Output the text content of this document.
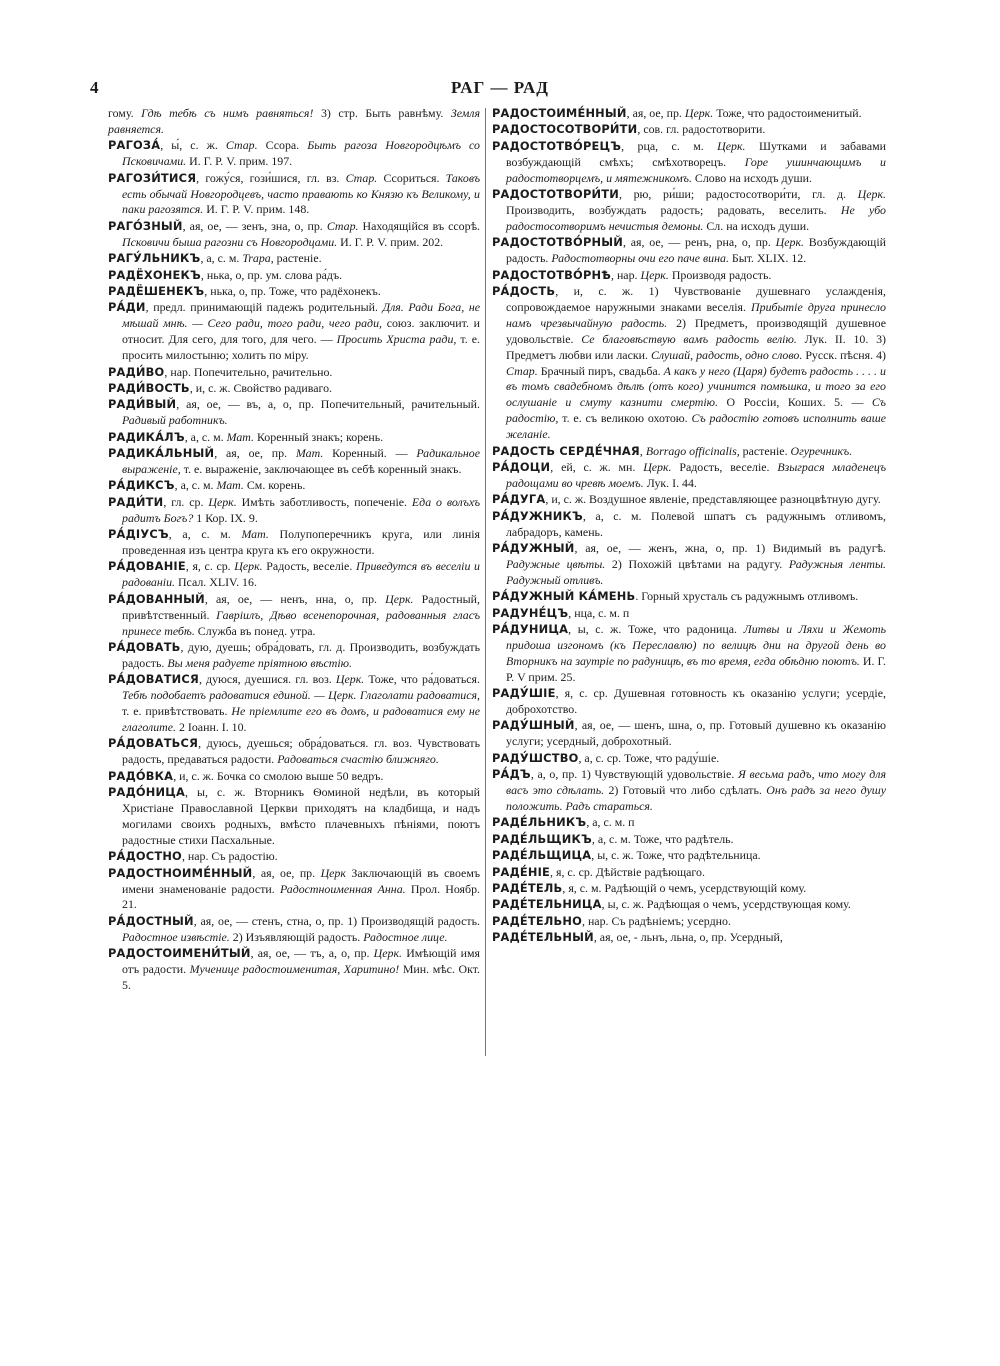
4	РАГ — РАД

гому. Гдѣ тебѣ съ нимъ равняться! 3) стр. Быть равнѣму. Земля равняется.

РАГОЗА́, ы́, с. ж. Стар. Ссора. Быть рагоза Новгородцѣмъ со Псковичами. И. Г. Р. V. прим. 197.

РАГОЗИ́ТИСЯ, гожу́ся, гози́шися, гл. вз. Стар. Ссориться. Таковъ есть обычай Новгородцевъ, часто правають ко Князю къ Великому, и паки рагозятся. И. Г. Р. V. прим. 148.

РАГО́ЗНЫЙ, ая, ое, — зенъ, зна, о, пр. Стар. Находящійся въ ссорѣ. Псковичи быша рагозни съ Новгородцами. И. Г. Р. V. прим. 202.

РАГУ́ЛЬНИКЪ, а, с. м. Trapa, растеніе.

РАДЁХОНЕКЪ, нька, о, пр. ум. слова ра́дъ.

РАДЁШЕНЕКЪ, нька, о, пр. Тоже, что радёхонекъ.

РА́ДИ, предл. принимающій падежъ родительный. Для. Ради Бога, не мѣшай мнѣ. — Сего ради, того ради, чего ради, союз. заключит. и относит. Для сего, для того, для чего. — Просить Христа ради, т. е. просить милостыню; холить по міру.

РАДИ́ВО, нар. Попечительно, рачительно.

РАДИ́ВОСТЬ, и, с. ж. Свойство радиваго.

РАДИ́ВЫЙ, ая, ое, — въ, а, о, пр. Попечительный, рачительный. Радивый работникъ.

РАДИКА́ЛЪ, а, с. м. Мат. Коренный знакъ; корень.

РАДИКА́ЛЬНЫЙ, ая, ое, пр. Мат. Коренный. — Радикальное выраженіе, т. е. выраженіе, заключающее въ себѣ коренный знакъ.

РА́ДИКСЪ, а, с. м. Мат. См. корень.

РАДИ́ТИ, гл. ср. Церк. Имѣть заботливость, попеченіе. Еда о волъхъ радитъ Богъ? 1 Кор. IX. 9.

РА́ДІУСЪ, а, с. м. Мат. Полупоперечникъ круга, или линія проведенная изъ центра круга къ его окружности.

РА́ДОВАНІЕ, я, с. ср. Церк. Радость, веселіе. Приведутся въ веселіи и радованіи. Псал. XLIV. 16.

РА́ДОВАННЫЙ, ая, ое, — ненъ, нна, о, пр. Церк. Радостный, привѣтственный. Гавріилъ, Дѣво всенепорочная, радованныя гласъ принесе тебѣ. Служба въ понед. утра.

РА́ДОВАТЬ, дую, дуешь; обра́довать, гл. д. Производить, возбуждать радость. Вы меня радуете пріятною вѣстію.

РА́ДОВАТИСЯ, дуюся, дуешися. гл. воз. Церк. Тоже, что ра́доваться. Тебѣ подобаетъ радоватися единой. — Церк. Глаголати радоватися, т. е. привѣтствовать. Не пріемлите его въ домъ, и радоватися ему не глаголите. 2 Іоанн. І. 10.

РА́ДОВАТЬСЯ, дуюсь, дуешься; обра́доваться. гл. воз. Чувствовать радость, предаваться радости. Радоваться счастію ближняго.

РАДО́ВКА, и, с. ж. Бочка со смолою выше 50 ведръ.

РАДО́НИЦА, ы, с. ж. Вторникъ Ѳоминой недѣли, въ который Христіане Православной Церкви приходятъ на кладбища, и надъ могилами своихъ родныхъ, вмѣсто плачевныхъ пѣніями, поютъ радостные стихи Пасхальные.

РА́ДОСТНО, нар. Съ радостію.

РАДОСТНОИМЕ́ННЫЙ, ая, ое, пр. Церк Заключающій въ своемъ имени знаменованіе радости. Радостноименная Анна. Прол. Ноябр. 21.

РА́ДОСТНЫЙ, ая, ое, — стенъ, стна, о, пр. 1) Производящій радость. Радостное извѣстіе. 2) Изъявляющій радость. Радостное лице.

РАДОСТОИМЕНИ́ТЫЙ, ая, ое, — тъ, а, о, пр. Церк. Имѣющій имя отъ радости. Мученице радостоименитая, Харитино! Мин. мѣс. Окт. 5.

РАДОСТОИМЕ́ННЫЙ, ая, ое, пр. Церк. Тоже, что радостоименитый.

РАДОСТОСОТВОРИ́ТИ, сов. гл. радостотворити.

РАДОСТОТВО́РЕЦЪ, рца, с. м. Церк. Шутками и забавами возбуждающій смѣхъ; смѣхотворецъ. Горе ушинчающимъ и радостотворцемъ, и мятежникомъ. Слово на исходъ души.

РАДОСТОТВОРИ́ТИ, рю, ри́ши; радостосотвори́ти, гл. д. Церк. Производить, возбуждать радость; радовать, веселить. Не убо радостосотворимъ нечистыя демоны. Сл. на исходъ души.

РАДОСТОТВО́РНЫЙ, ая, ое, — ренъ, рна, о, пр. Церк. Возбуждающій радость. Радостотворны очи его паче вина. Быт. XLIX. 12.

РАДОСТОТВО́РНѢ, нар. Церк. Производя радость.

РА́ДОСТЬ, и, с. ж. 1) Чувствованіе душевнаго услажденія, сопровождаемое наружными знаками веселія. Прибытіе друга принесло намъ чрезвычайную радость. 2) Предметъ, производящій душевное удовольствіе. Се благовѣствую вамъ радость велію. Лук. II. 10. 3) Предметъ любви или ласки. Слушай, радость, одно слово. Русск. пѣсня. 4) Стар. Брачный пиръ, свадьба. А какъ у него (Царя) будетъ радость . . . . и въ томъ свадебномъ дѣлѣ (отъ кого) учинится помѣшка, и того за его ослушаніе и смуту казнити смертію. О Россіи, Коших. 5. — Съ радостію, т. е. съ великою охотою. Съ радостію готовъ исполнить ваше желаніе.

РАДОСТЬ СЕРДЕ́ЧНАЯ, Borrago officinalis, растеніе. Огуречникъ.

РА́ДОЦИ, ей, с. ж. мн. Церк. Радость, веселіе. Взыграся младенецъ радощами во чревѣ моемъ. Лук. І. 44.

РА́ДУГА, и, с. ж. Воздушное явленіе, представляющее разноцвѣтную дугу.

РА́ДУЖНИКЪ, а, с. м. Полевой шпатъ съ радужнымъ отливомъ, лабрадоръ, камень.

РА́ДУЖНЫЙ, ая, ое, — женъ, жна, о, пр. 1) Видимый въ радугѣ. Радужные цвѣты. 2) Похожій цвѣтами на радугу. Радужныя ленты. Радужный отливъ.

РА́ДУЖНЫЙ КА́МЕНЬ. Горный хрусталь съ радужнымъ отливомъ.

РАДУНЕ́ЦЪ, нца, с. м. п

РА́ДУНИЦА, ы, с. ж. Тоже, что радоница. Литвы и Ляхи и Жемоть придоша изгономъ (къ Переславлю) по велицѣ дни на другой день во Вторникъ на заутріе по радуницѣ, въ то время, егда обѣдню поютъ. И. Г. Р. V прим. 25.

РАДУ́ШІЕ, я, с. ср. Душевная готовность къ оказанію услуги; усердіе, доброхотство.

РАДУ́ШНЫЙ, ая, ое, — шенъ, шна, о, пр. Готовый душевно къ оказанію услуги; усердный, доброхотный.

РАДУ́ШСТВО, а, с. ср. Тоже, что раду́шіе.

РА́ДЪ, а, о, пр. 1) Чувствующій удовольствіе. Я весьма радъ, что могу для васъ это сдѣлать. 2) Готовый что либо сдѣлать. Онъ радъ за него душу положить. Радъ стараться.

РАДЕ́ЛЬНИКЪ, а, с. м. п

РАДЕ́ЛЬЩИКЪ, а, с. м. Тоже, что радѣтель.

РАДЕ́ЛЬЩИЦА, ы, с. ж. Тоже, что радѣтельница.

РАДЕ́НІЕ, я, с. ср. Дѣйствіе радѣющаго.

РАДЕ́ТЕЛЬ, я, с. м. Радѣющій о чемъ, усердствующій кому.

РАДЕ́ТЕЛЬНИЦА, ы, с. ж. Радѣющая о чемъ, усердствующая кому.

РАДЕ́ТЕЛЬНО, нар. Съ радѣніемъ; усердно.

РАДЕ́ТЕЛЬНЫЙ, ая, ое, - льнъ, льна, о, пр. Усердный,
